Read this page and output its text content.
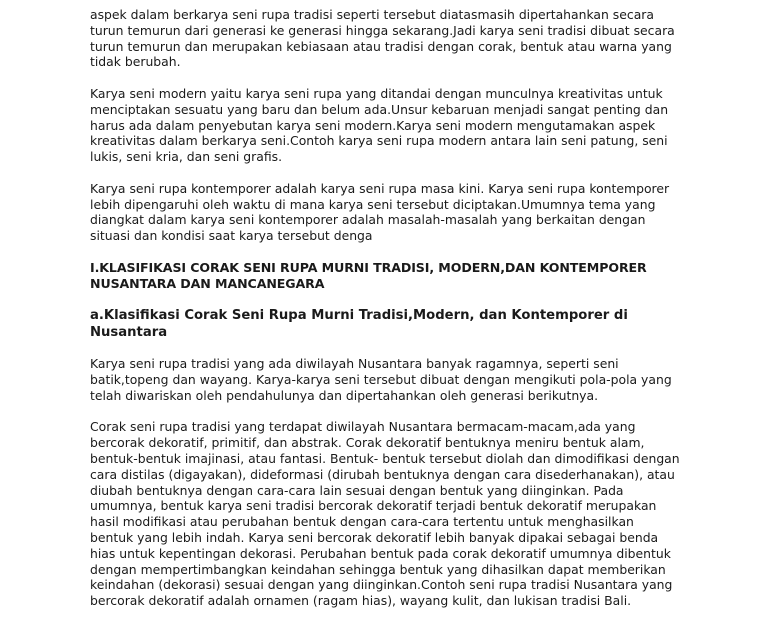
aspek dalam berkarya seni rupa tradisi seperti tersebut diatasmasih dipertahankan secara turun temurun dari generasi ke generasi hingga sekarang.Jadi karya seni tradisi dibuat secara turun temurun dan merupakan kebiasaan atau tradisi dengan corak, bentuk atau warna yang tidak berubah.

Karya seni modern yaitu karya seni rupa yang ditandai dengan munculnya kreativitas untuk menciptakan sesuatu yang baru dan belum ada.Unsur kebaruan menjadi sangat penting dan harus ada dalam penyebutan karya seni modern.Karya seni modern mengutamakan aspek kreativitas dalam berkarya seni.Contoh karya seni rupa modern antara lain seni patung, seni lukis, seni kria, dan seni grafis.

Karya seni rupa kontemporer adalah karya seni rupa masa kini. Karya seni rupa kontemporer lebih dipengaruhi oleh waktu di mana karya seni tersebut diciptakan.Umumnya tema yang diangkat dalam karya seni kontemporer adalah masalah-masalah yang berkaitan dengan situasi dan kondisi saat karya tersebut denga

I.KLASIFIKASI CORAK SENI RUPA MURNI TRADISI, MODERN,DAN KONTEMPORER NUSANTARA DAN MANCANEGARA
a.Klasifikasi Corak Seni Rupa Murni Tradisi,Modern, dan Kontemporer di Nusantara

Karya seni rupa tradisi yang ada diwilayah Nusantara banyak ragamnya, seperti seni batik,topeng dan wayang. Karya-karya seni tersebut dibuat dengan mengikuti pola-pola yang telah diwariskan oleh pendahulunya dan dipertahankan oleh generasi berikutnya.

Corak seni rupa tradisi yang terdapat diwilayah Nusantara bermacam-macam,ada yang bercorak dekoratif, primitif, dan abstrak. Corak dekoratif bentuknya meniru bentuk alam, bentuk-bentuk imajinasi, atau fantasi. Bentuk- bentuk tersebut diolah dan dimodifikasi dengan cara distilas (digayakan), dideformasi (dirubah bentuknya dengan cara disederhanakan), atau diubah bentuknya dengan cara-cara lain sesuai dengan bentuk yang diinginkan. Pada umumnya, bentuk karya seni tradisi bercorak dekoratif terjadi bentuk dekoratif merupakan hasil modifikasi atau perubahan bentuk dengan cara-cara tertentu untuk menghasilkan bentuk yang lebih indah. Karya seni bercorak dekoratif lebih banyak dipakai sebagai benda hias untuk kepentingan dekorasi. Perubahan bentuk pada corak dekoratif umumnya dibentuk dengan mempertimbangkan keindahan sehingga bentuk yang dihasilkan dapat memberikan keindahan (dekorasi) sesuai dengan yang diinginkan.Contoh seni rupa tradisi Nusantara yang bercorak dekoratif adalah ornamen (ragam hias), wayang kulit, dan lukisan tradisi Bali.
